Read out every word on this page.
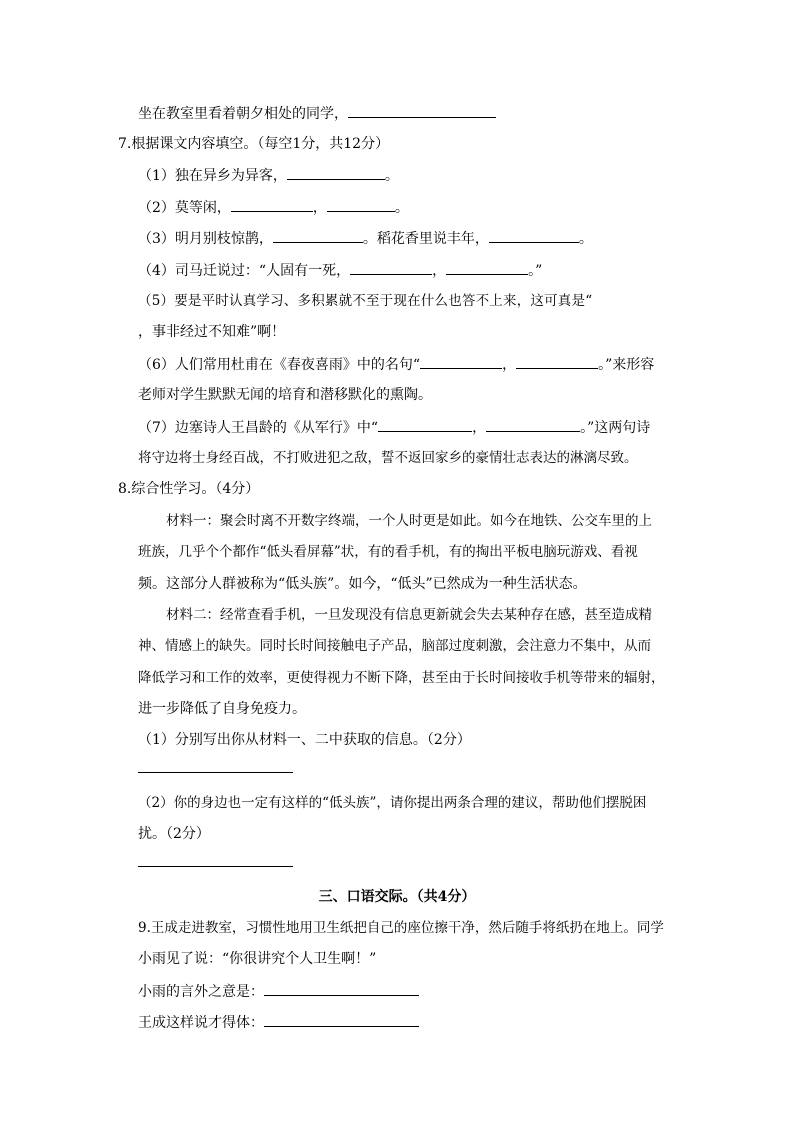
坐在教室里看着朝夕相处的同学，
7.根据课文内容填空。（每空1分，共12分）
（1）独在异乡为异客，	。
（2）莫等闲，	，	。
（3）明月别枝惊鹊，	。稻花香里说丰年，	。
（4）司马迁说过：“人固有一死，	，	。”
（5）要是平时认真学习、多积累就不至于现在什么也答不上来，这可真是“
，事非经过不知难”啊！
（6）人们常用杜甫在《春夜喜雨》中的名句“	，	。”来形容
老师对学生默默无闻的培育和潜移默化的熏陶。
（7）边塞诗人王昌龄的《从军行》中“	，	。”这两句诗
将守边将士身经百战，不打败进犯之敌，誓不返回家乡的豪情壮志表达的淋漓尽致。
8.综合性学习。（4分）
材料一：聚会时离不开数字终端，一个人时更是如此。如今在地铁、公交车里的上
班族，几乎个个都作“低头看屏幕”状，有的看手机，有的掏出平板电脑玩游戏、看视
频。这部分人群被称为“低头族”。如今，“低头”已然成为一种生活状态。
材料二：经常查看手机，一旦发现没有信息更新就会失去某种存在感，甚至造成精
神、情感上的缺失。同时长时间接触电子产品，脑部过度刺激，会注意力不集中，从而
降低学习和工作的效率，更使得视力不断下降，甚至由于长时间接收手机等带来的辐射，
进一步降低了自身免疫力。
（1）分别写出你从材料一、二中获取的信息。（2分）
（2）你的身边也一定有这样的“低头族”，请你提出两条合理的建议，帮助他们摆脱困
扰。（2分）
三、口语交际。（共4分）
9.王成走进教室，习惯性地用卫生纸把自己的座位擦干净，然后随手将纸扔在地上。同学
小雨见了说：“你很讲究个人卫生啊！”
小雨的言外之意是：
王成这样说才得体：
